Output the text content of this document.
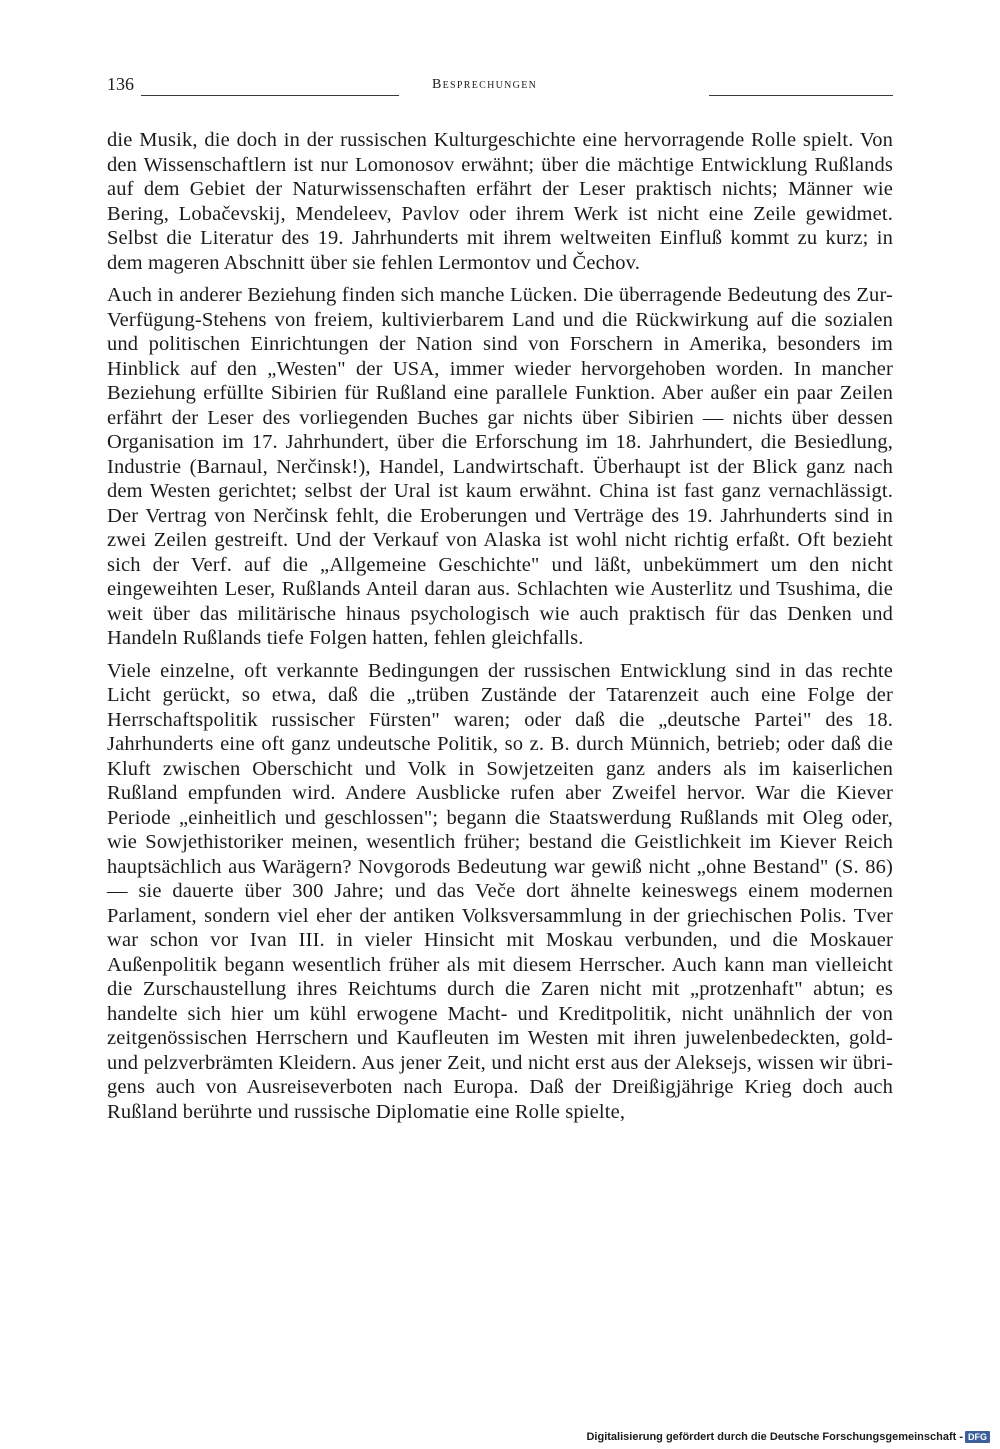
136	Besprechungen

die Musik, die doch in der russischen Kulturgeschichte eine hervorragende Rolle spielt. Von den Wissenschaftlern ist nur Lomonosov erwähnt; über die mächtige Entwicklung Rußlands auf dem Gebiet der Naturwissenschaften erfährt der Leser praktisch nichts; Männer wie Bering, Lobačevskij, Mendeleev, Pavlov oder ihrem Werk ist nicht eine Zeile gewidmet. Selbst die Literatur des 19. Jahrhunderts mit ihrem weltweiten Einfluß kommt zu kurz; in dem mageren Abschnitt über sie fehlen Lermontov und Čechov.

Auch in anderer Beziehung finden sich manche Lücken. Die überragende Bedeutung des Zur-Verfügung-Stehens von freiem, kultivierbarem Land und die Rückwirkung auf die sozialen und politischen Einrichtungen der Nation sind von Forschern in Amerika, besonders im Hinblick auf den „Westen" der USA, immer wieder hervorgehoben worden. In mancher Beziehung erfüllte Sibirien für Rußland eine parallele Funktion. Aber außer ein paar Zeilen erfährt der Leser des vorliegenden Buches gar nichts über Sibirien — nichts über dessen Organisation im 17. Jahrhundert, über die Erforschung im 18. Jahrhundert, die Besiedlung, Industrie (Barnaul, Nerčinsk!), Handel, Landwirtschaft. Überhaupt ist der Blick ganz nach dem Westen gerichtet; selbst der Ural ist kaum erwähnt. China ist fast ganz vernachlässigt. Der Vertrag von Nerčinsk fehlt, die Eroberungen und Verträge des 19. Jahrhunderts sind in zwei Zeilen gestreift. Und der Verkauf von Alaska ist wohl nicht richtig erfaßt. Oft bezieht sich der Verf. auf die „Allgemeine Geschichte" und läßt, unbekümmert um den nicht eingeweihten Leser, Rußlands Anteil daran aus. Schlachten wie Austerlitz und Tsushima, die weit über das militärische hinaus psychologisch wie auch praktisch für das Denken und Handeln Rußlands tiefe Folgen hatten, fehlen gleichfalls.

Viele einzelne, oft verkannte Bedingungen der russischen Entwicklung sind in das rechte Licht gerückt, so etwa, daß die „trüben Zustände der Tatarenzeit auch eine Folge der Herrschaftspolitik russischer Fürsten" waren; oder daß die „deutsche Partei" des 18. Jahrhunderts eine oft ganz undeutsche Politik, so z. B. durch Münnich, betrieb; oder daß die Kluft zwischen Oberschicht und Volk in Sowjetzeiten ganz anders als im kaiserlichen Rußland empfunden wird. Andere Ausblicke rufen aber Zweifel hervor. War die Kiever Periode „einheitlich und geschlossen"; begann die Staatswerdung Rußlands mit Oleg oder, wie Sowjethistoriker meinen, wesentlich früher; bestand die Geistlichkeit im Kiever Reich hauptsächlich aus Warägern? Novgorods Bedeutung war gewiß nicht „ohne Bestand" (S. 86) — sie dauerte über 300 Jahre; und das Veče dort ähnelte keineswegs einem modernen Parlament, sondern viel eher der antiken Volksversammlung in der griechischen Polis. Tver war schon vor Ivan III. in vieler Hinsicht mit Moskau verbunden, und die Moskauer Außenpolitik begann wesentlich früher als mit diesem Herrscher. Auch kann man vielleicht die Zurschaustellung ihres Reichtums durch die Zaren nicht mit „protzenhaft" abtun; es handelte sich hier um kühl erwogene Macht- und Kreditpolitik, nicht unähnlich der von zeitgenössischen Herrschern und Kaufleuten im Westen mit ihren juwelenbedeckten, gold- und pelzverbrämten Kleidern. Aus jener Zeit, und nicht erst aus der Aleksejs, wissen wir übrigens auch von Ausreiseverboten nach Europa. Daß der Dreißigjährige Krieg doch auch Rußland berührte und russische Diplomatie eine Rolle spielte,

Digitalisierung gefördert durch die Deutsche Forschungsgemeinschaft - DFG
